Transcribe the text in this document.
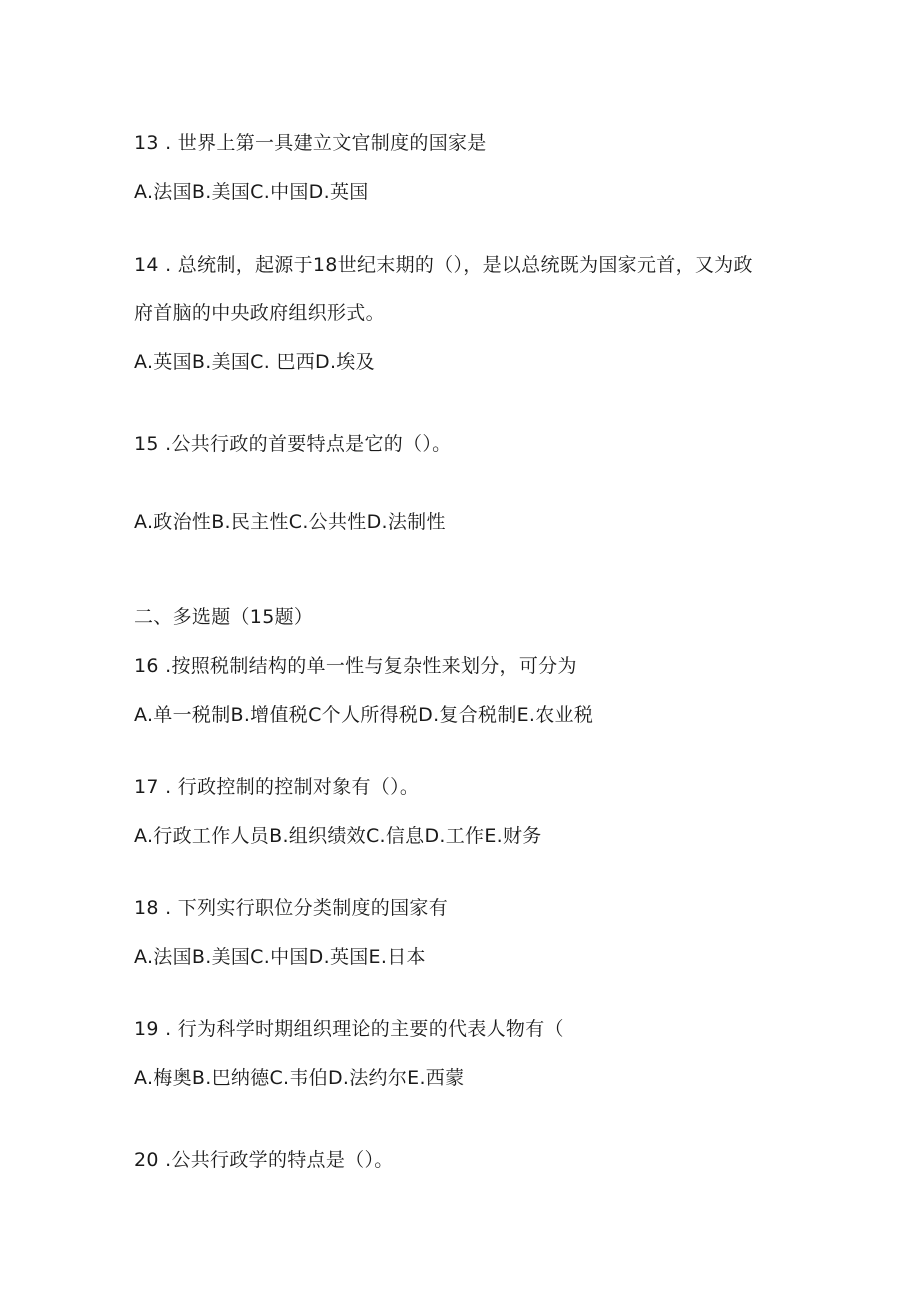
13 . 世界上第一具建立文官制度的国家是
A.法国B.美国C.中国D.英国
14 . 总统制，起源于18世纪末期的（），是以总统既为国家元首，又为政
府首脑的中央政府组织形式。
A.英国B.美国C. 巴西D.埃及
15 .公共行政的首要特点是它的（）。
A.政治性B.民主性C.公共性D.法制性
二、多选题（15题）
16 .按照税制结构的单一性与复杂性来划分，可分为
A.单一税制B.增值税C个人所得税D.复合税制E.农业税
17 . 行政控制的控制对象有（）。
A.行政工作人员B.组织绩效C.信息D.工作E.财务
18 . 下列实行职位分类制度的国家有
A.法国B.美国C.中国D.英国E.日本
19 . 行为科学时期组织理论的主要的代表人物有（
A.梅奥B.巴纳德C.韦伯D.法约尔E.西蒙
20 .公共行政学的特点是（）。
